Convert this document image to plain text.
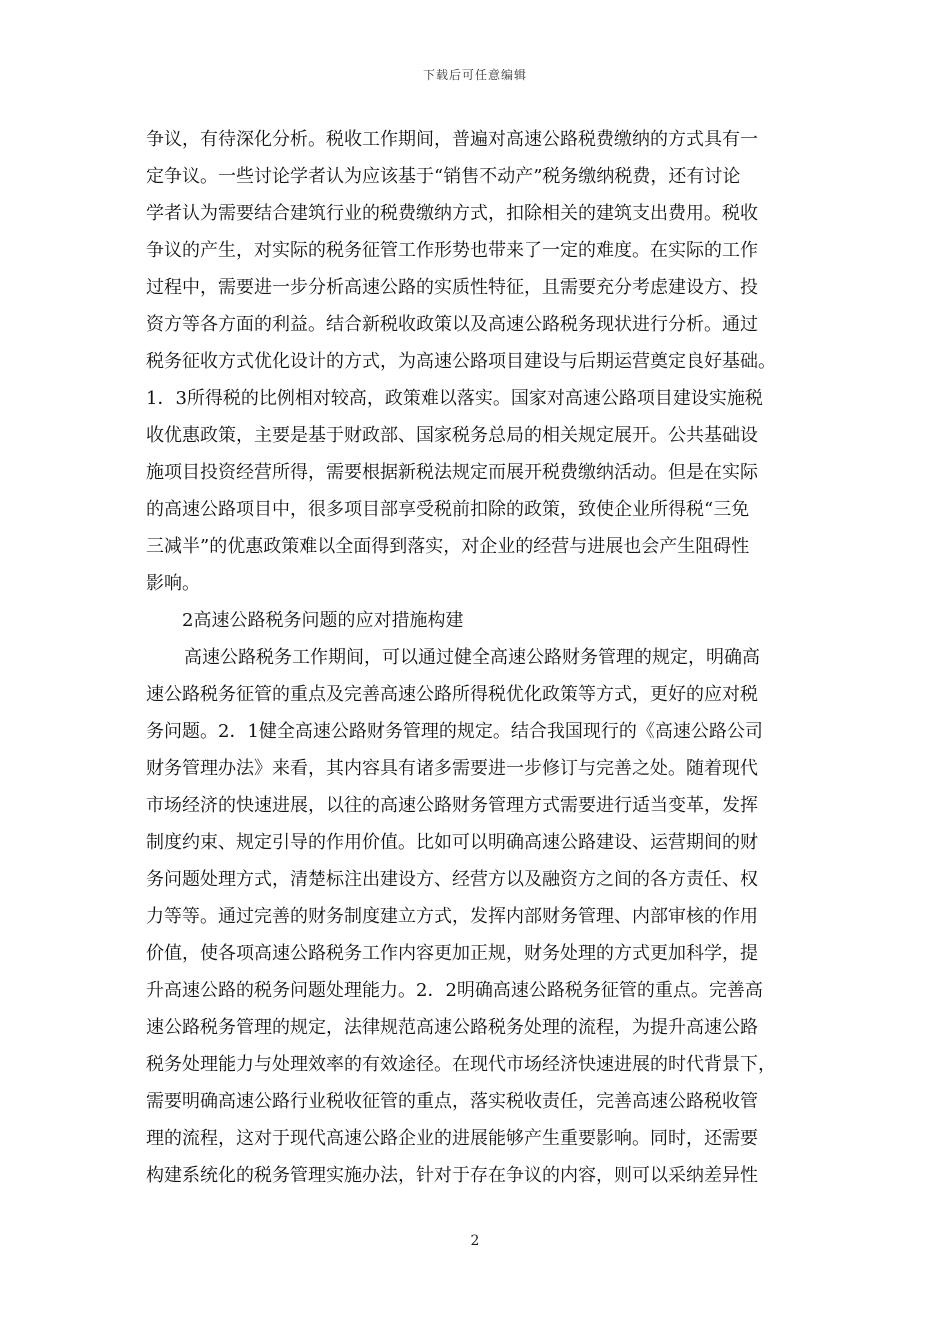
下载后可任意编辑
争议，有待深化分析。税收工作期间，普遍对高速公路税费缴纳的方式具有一
定争议。一些讨论学者认为应该基于“销售不动产”税务缴纳税费，还有讨论
学者认为需要结合建筑行业的税费缴纳方式，扣除相关的建筑支出费用。税收
争议的产生，对实际的税务征管工作形势也带来了一定的难度。在实际的工作
过程中，需要进一步分析高速公路的实质性特征，且需要充分考虑建设方、投
资方等各方面的利益。结合新税收政策以及高速公路税务现状进行分析。通过
税务征收方式优化设计的方式，为高速公路项目建设与后期运营奠定良好基础。
1．3所得税的比例相对较高，政策难以落实。国家对高速公路项目建设实施税
收优惠政策，主要是基于财政部、国家税务总局的相关规定展开。公共基础设
施项目投资经营所得，需要根据新税法规定而展开税费缴纳活动。但是在实际
的高速公路项目中，很多项目部享受税前扣除的政策，致使企业所得税“三免
三减半”的优惠政策难以全面得到落实，对企业的经营与进展也会产生阻碍性
影响。
2高速公路税务问题的应对措施构建
高速公路税务工作期间，可以通过健全高速公路财务管理的规定，明确高
速公路税务征管的重点及完善高速公路所得税优化政策等方式，更好的应对税
务问题。2．1健全高速公路财务管理的规定。结合我国现行的《高速公路公司
财务管理办法》来看，其内容具有诸多需要进一步修订与完善之处。随着现代
市场经济的快速进展，以往的高速公路财务管理方式需要进行适当变革，发挥
制度约束、规定引导的作用价值。比如可以明确高速公路建设、运营期间的财
务问题处理方式，清楚标注出建设方、经营方以及融资方之间的各方责任、权
力等等。通过完善的财务制度建立方式，发挥内部财务管理、内部审核的作用
价值，使各项高速公路税务工作内容更加正规，财务处理的方式更加科学，提
升高速公路的税务问题处理能力。2．2明确高速公路税务征管的重点。完善高
速公路税务管理的规定，法律规范高速公路税务处理的流程，为提升高速公路
税务处理能力与处理效率的有效途径。在现代市场经济快速进展的时代背景下，
需要明确高速公路行业税收征管的重点，落实税收责任，完善高速公路税收管
理的流程，这对于现代高速公路企业的进展能够产生重要影响。同时，还需要
构建系统化的税务管理实施办法，针对于存在争议的内容，则可以采纳差异性
2
